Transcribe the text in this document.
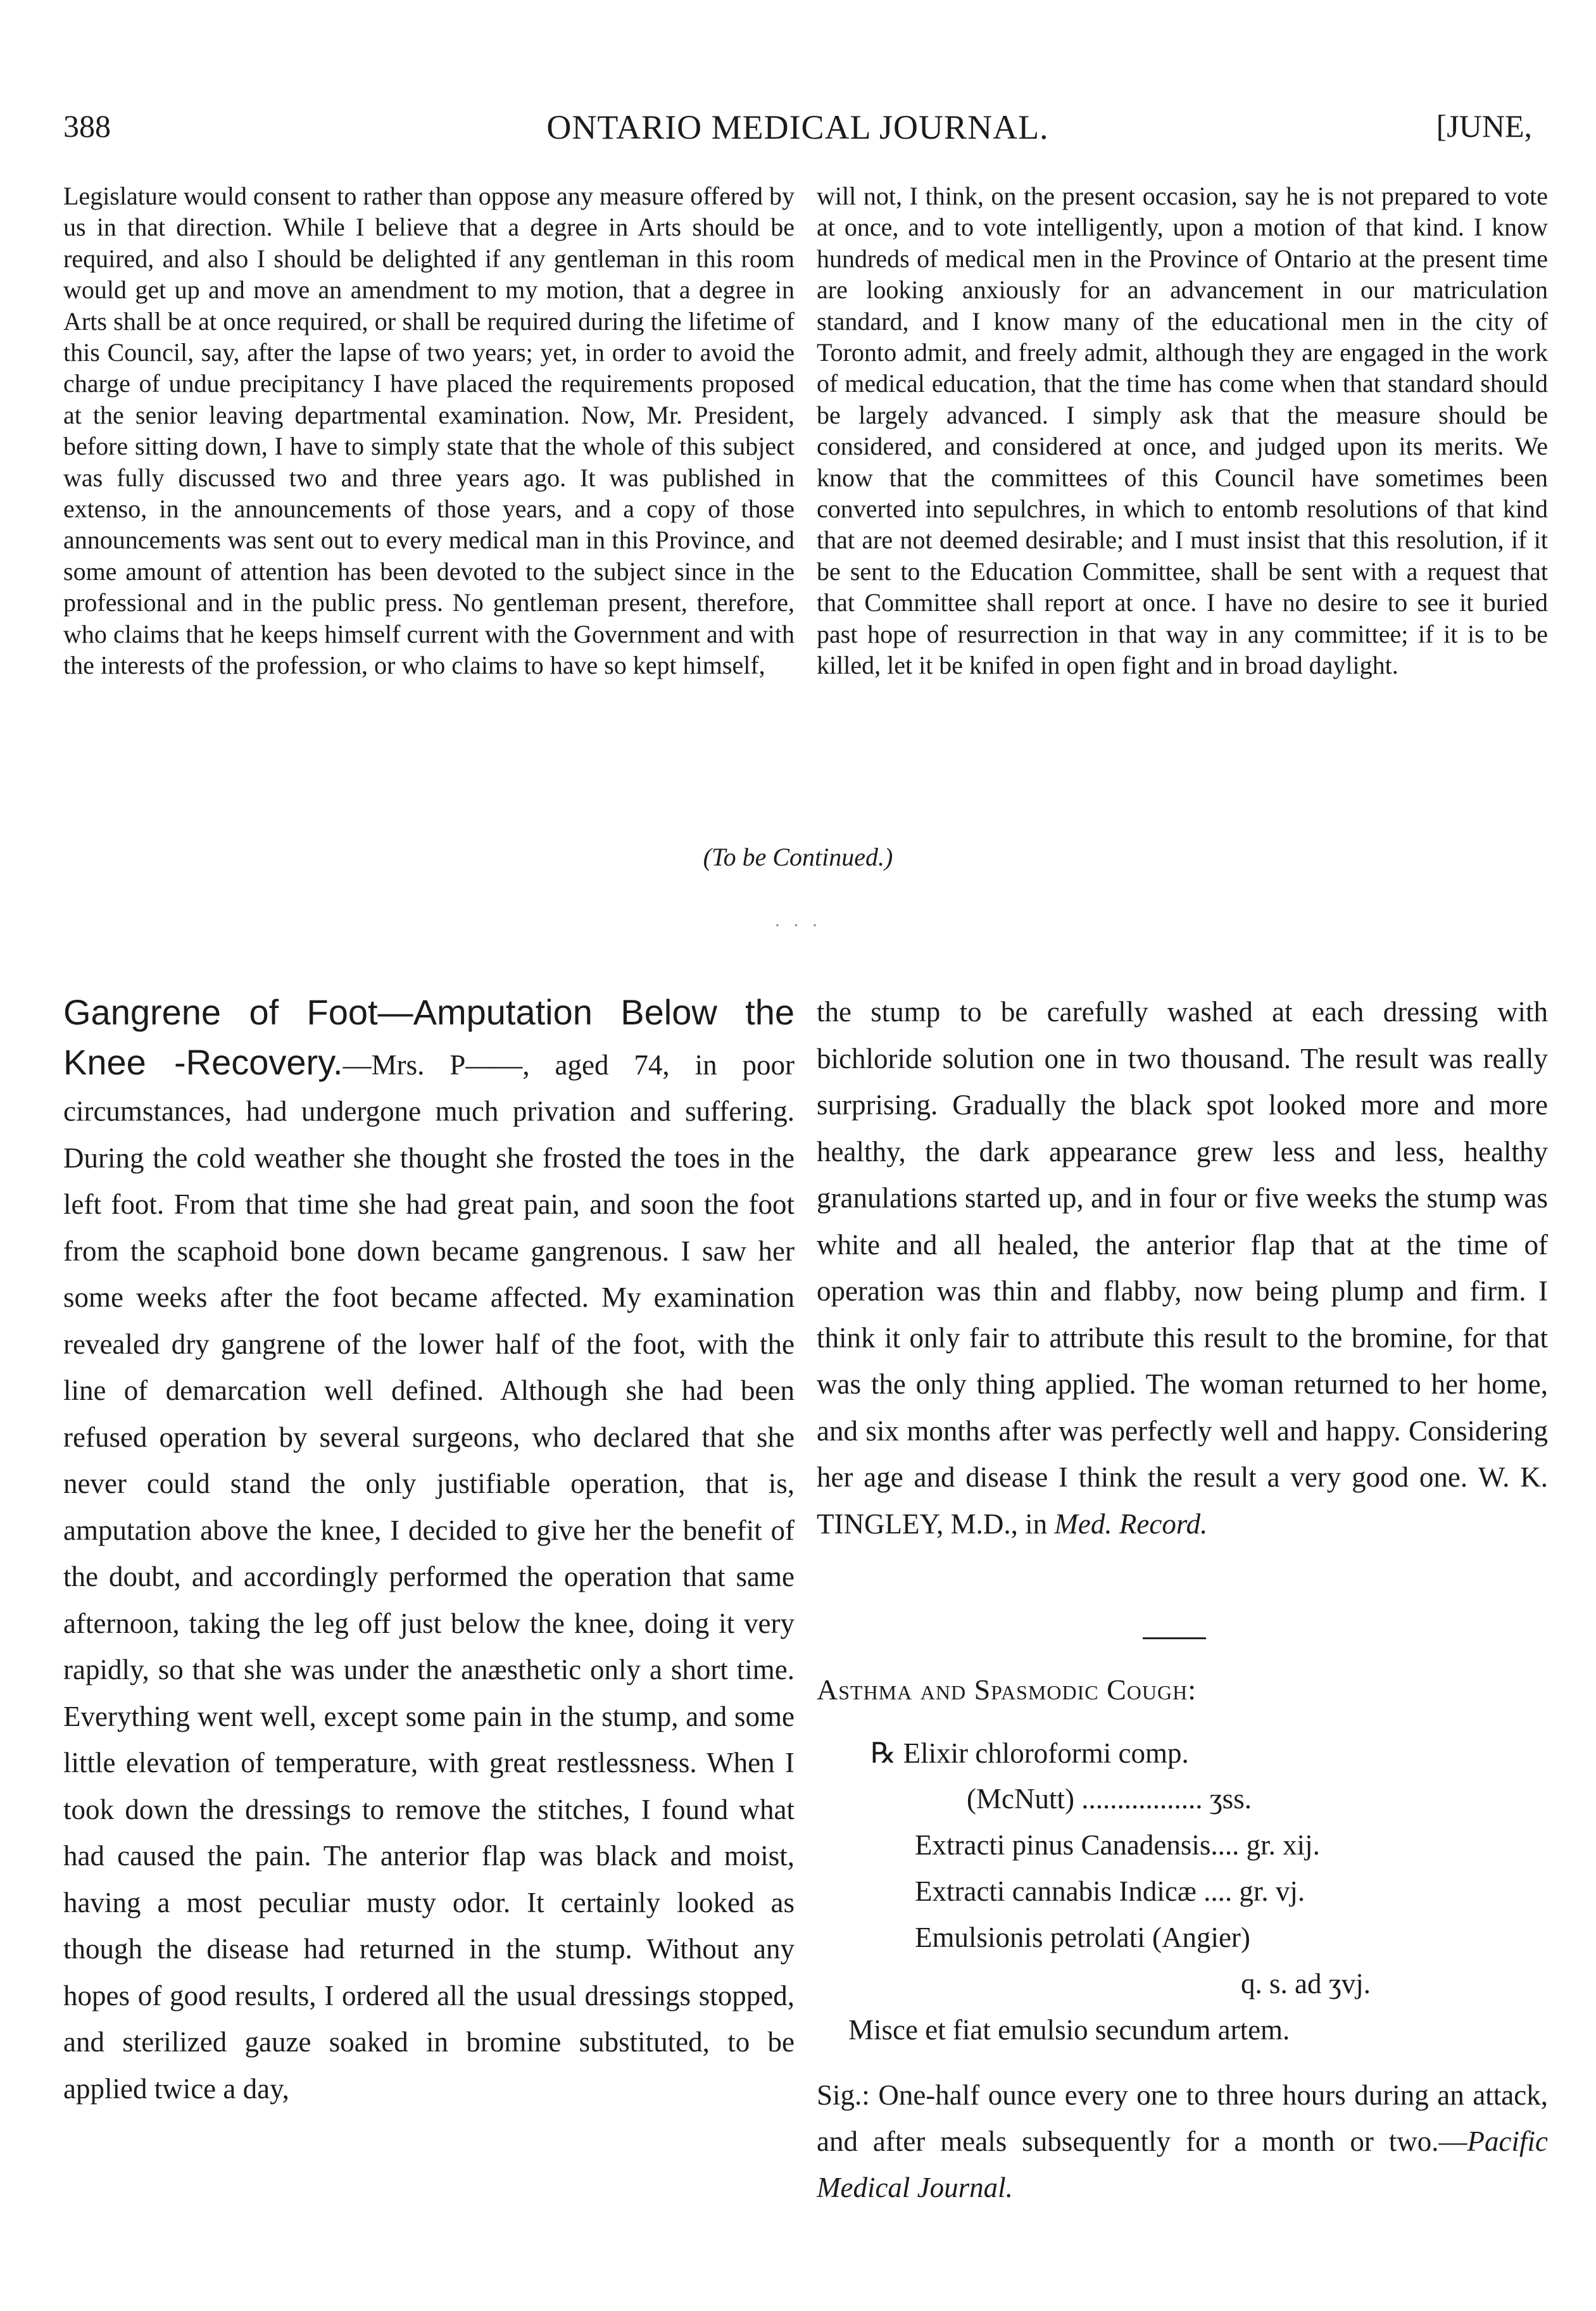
ONTARIO MEDICAL JOURNAL.
388	[JUNE,
Legislature would consent to rather than oppose any measure offered by us in that direction. While I believe that a degree in Arts should be required, and also I should be delighted if any gentleman in this room would get up and move an amendment to my motion, that a degree in Arts shall be at once required, or shall be required during the lifetime of this Council, say, after the lapse of two years; yet, in order to avoid the charge of undue precipitancy I have placed the requirements proposed at the senior leaving departmental examination. Now, Mr. President, before sitting down, I have to simply state that the whole of this subject was fully discussed two and three years ago. It was published in extenso, in the announcements of those years, and a copy of those announcements was sent out to every medical man in this Province, and some amount of attention has been devoted to the subject since in the professional and in the public press. No gentleman present, therefore, who claims that he keeps himself current with the Government and with the interests of the profession, or who claims to have so kept himself,
will not, I think, on the present occasion, say he is not prepared to vote at once, and to vote intelligently, upon a motion of that kind. I know hundreds of medical men in the Province of Ontario at the present time are looking anxiously for an advancement in our matriculation standard, and I know many of the educational men in the city of Toronto admit, and freely admit, although they are engaged in the work of medical education, that the time has come when that standard should be largely advanced. I simply ask that the measure should be considered, and considered at once, and judged upon its merits. We know that the committees of this Council have sometimes been converted into sepulchres, in which to entomb resolutions of that kind that are not deemed desirable; and I must insist that this resolution, if it be sent to the Education Committee, shall be sent with a request that that Committee shall report at once. I have no desire to see it buried past hope of resurrection in that way in any committee; if it is to be killed, let it be knifed in open fight and in broad daylight.
(To be Continued.)
· · ·
Gangrene of Foot—Amputation Below the Knee -Recovery.—Mrs. P——, aged 74, in poor circumstances, had undergone much privation and suffering. During the cold weather she thought she frosted the toes in the left foot. From that time she had great pain, and soon the foot from the scaphoid bone down became gangrenous. I saw her some weeks after the foot became affected. My examination revealed dry gangrene of the lower half of the foot, with the line of demarcation well defined. Although she had been refused operation by several surgeons, who declared that she never could stand the only justifiable operation, that is, amputation above the knee, I decided to give her the benefit of the doubt, and accordingly performed the operation that same afternoon, taking the leg off just below the knee, doing it very rapidly, so that she was under the anæsthetic only a short time. Everything went well, except some pain in the stump, and some little elevation of temperature, with great restlessness. When I took down the dressings to remove the stitches, I found what had caused the pain. The anterior flap was black and moist, having a most peculiar musty odor. It certainly looked as though the disease had returned in the stump. Without any hopes of good results, I ordered all the usual dressings stopped, and sterilized gauze soaked in bromine substituted, to be applied twice a day,
the stump to be carefully washed at each dressing with bichloride solution one in two thousand. The result was really surprising. Gradually the black spot looked more and more healthy, the dark appearance grew less and less, healthy granulations started up, and in four or five weeks the stump was white and all healed, the anterior flap that at the time of operation was thin and flabby, now being plump and firm. I think it only fair to attribute this result to the bromine, for that was the only thing applied. The woman returned to her home, and six months after was perfectly well and happy. Considering her age and disease I think the result a very good one. W. K. TINGLEY, M.D., in Med. Record.
Asthma and Spasmodic Cough:
℞ Elixir chloroformi comp.
(McNutt) ................. ʒss.
Extracti pinus Canadensis.... gr. xij.
Extracti cannabis Indicæ .... gr. vj.
Emulsionis petrolati (Angier)
q. s. ad ʒvj.
Misce et fiat emulsio secundum artem.
Sig.: One-half ounce every one to three hours during an attack, and after meals subsequently for a month or two.—Pacific Medical Journal.
